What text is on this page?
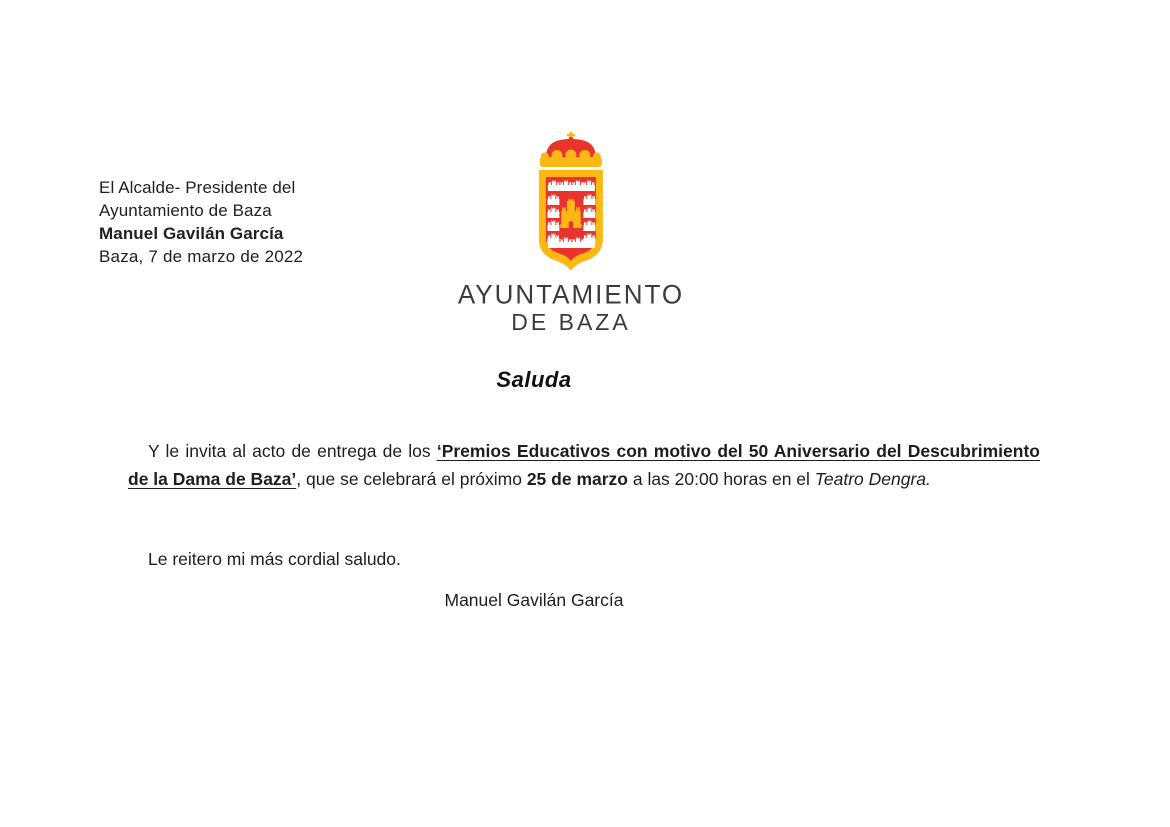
El Alcalde- Presidente del
Ayuntamiento de Baza
Manuel Gavilán García
Baza, 7 de marzo de 2022
AYUNTAMIENTO
DE BAZA
Saluda

Y le invita al acto de entrega de los ‘Premios Educativos con motivo del 50 Aniversario del Descubrimiento de la Dama de Baza’, que se celebrará el próximo 25 de marzo a las 20:00 horas en el Teatro Dengra.

Le reitero mi más cordial saludo.
Manuel Gavilán García
